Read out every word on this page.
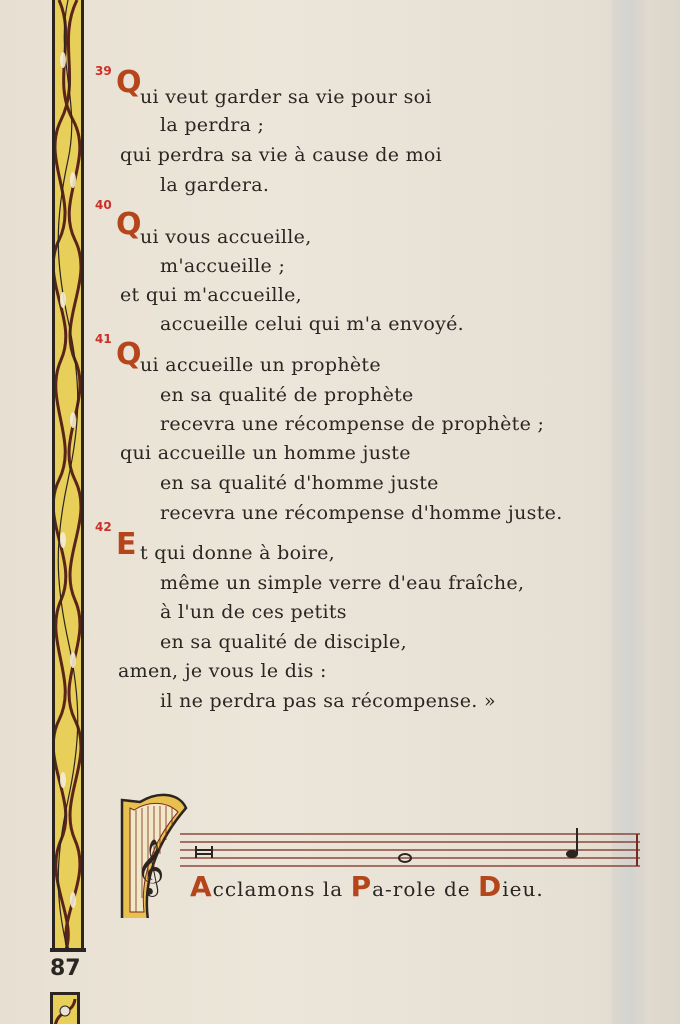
87
39 Q
ui veut garder sa vie pour soi
la perdra ;
qui perdra sa vie à cause de moi
la gardera.
40
Q
ui vous accueille,
m'accueille ;
et qui m'accueille,
accueille celui qui m'a envoyé.
41 Q
ui accueille un prophète
en sa qualité de prophète
recevra une récompense de prophète ;
qui accueille un homme juste
en sa qualité d'homme juste
recevra une récompense d'homme juste.
42 E t qui donne à boire,
même un simple verre d'eau fraîche,
à l'un de ces petits
en sa qualité de disciple,
amen, je vous le dis :
il ne perdra pas sa récompense. »
𝄞 Acclamons la Pa-role de Dieu.
